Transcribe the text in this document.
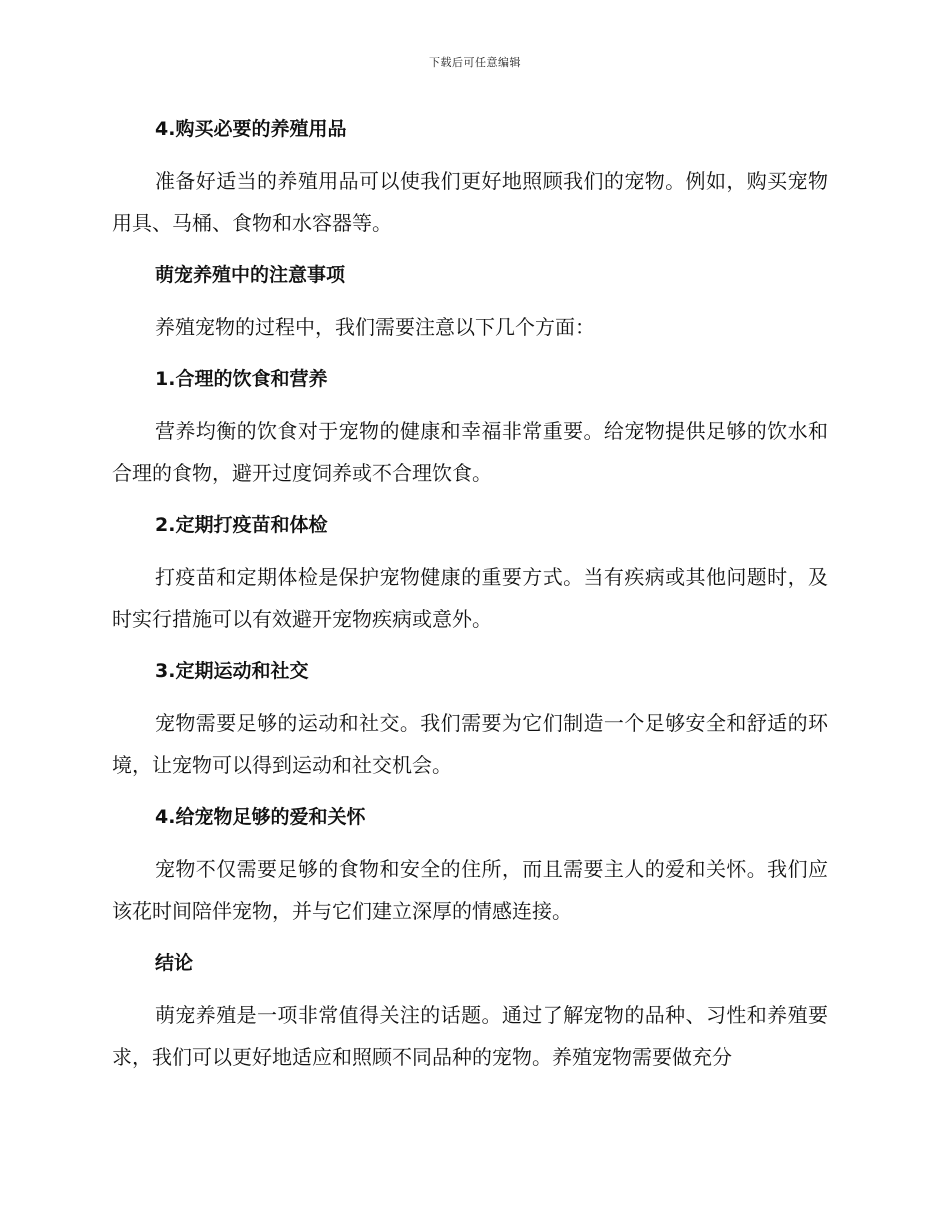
下载后可任意编辑
4.购买必要的养殖用品
准备好适当的养殖用品可以使我们更好地照顾我们的宠物。例如，购买宠物用具、马桶、食物和水容器等。
萌宠养殖中的注意事项
养殖宠物的过程中，我们需要注意以下几个方面：
1.合理的饮食和营养
营养均衡的饮食对于宠物的健康和幸福非常重要。给宠物提供足够的饮水和合理的食物，避开过度饲养或不合理饮食。
2.定期打疫苗和体检
打疫苗和定期体检是保护宠物健康的重要方式。当有疾病或其他问题时，及时实行措施可以有效避开宠物疾病或意外。
3.定期运动和社交
宠物需要足够的运动和社交。我们需要为它们制造一个足够安全和舒适的环境，让宠物可以得到运动和社交机会。
4.给宠物足够的爱和关怀
宠物不仅需要足够的食物和安全的住所，而且需要主人的爱和关怀。我们应该花时间陪伴宠物，并与它们建立深厚的情感连接。
结论
萌宠养殖是一项非常值得关注的话题。通过了解宠物的品种、习性和养殖要求，我们可以更好地适应和照顾不同品种的宠物。养殖宠物需要做充分
